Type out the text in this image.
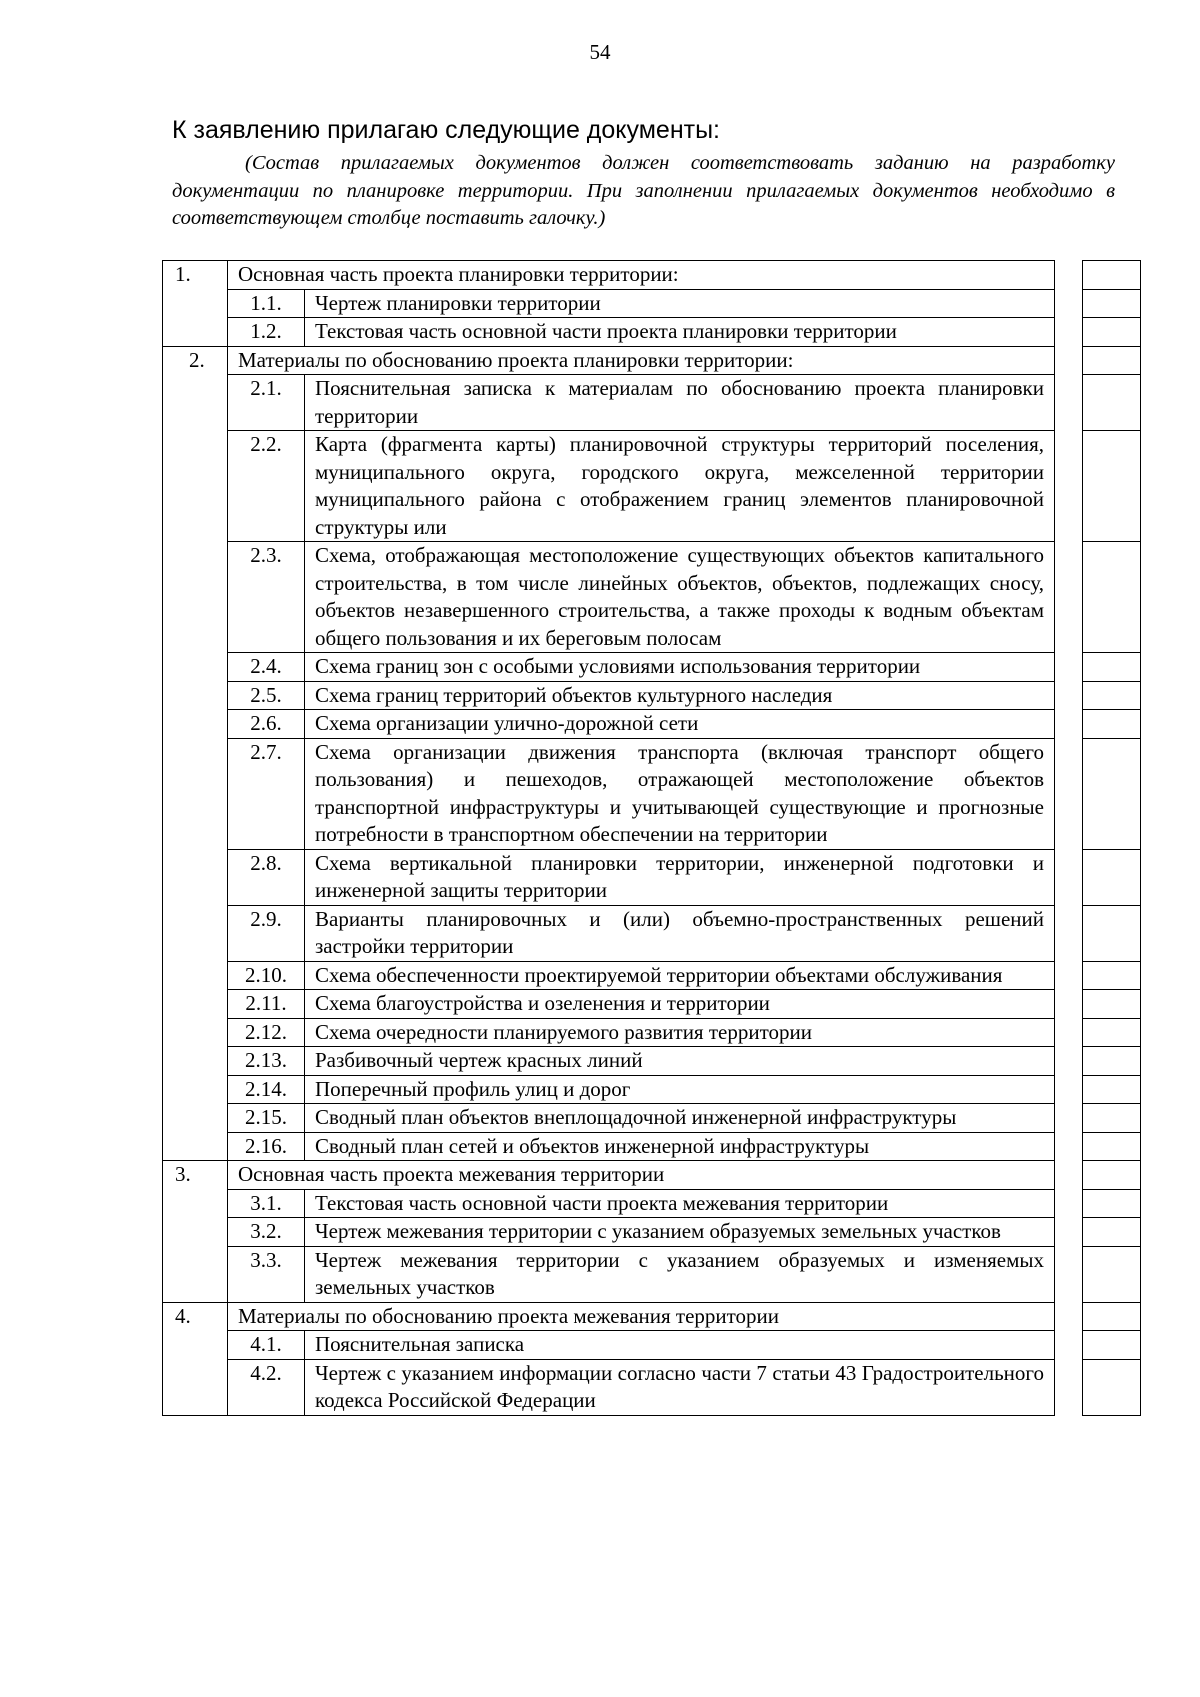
54
К заявлению прилагаю следующие документы:
(Состав прилагаемых документов должен соответствовать заданию на разработку документации по планировке территории. При заполнении прилагаемых документов необходимо в соответствующем столбце поставить галочку.)
1.	Основная часть проекта планировки территории:	
	1.1.	Чертеж планировки территории
	1.2.	Текстовая часть основной части проекта планировки территории
2.	Материалы по обоснованию проекта планировки территории:	
	2.1.	Пояснительная записка к материалам по обоснованию проекта планировки территории
	2.2.	Карта (фрагмента карты) планировочной структуры территорий поселения, муниципального округа, городского округа, межселенной территории муниципального района с отображением границ элементов планировочной структуры или
	2.3.	Схема, отображающая местоположение существующих объектов капитального строительства, в том числе линейных объектов, объектов, подлежащих сносу, объектов незавершенного строительства, а также проходы к водным объектам общего пользования и их береговым полосам
	2.4.	Схема границ зон с особыми условиями использования территории
	2.5.	Схема границ территорий объектов культурного наследия
	2.6.	Схема организации улично-дорожной сети
	2.7.	Схема организации движения транспорта (включая транспорт общего пользования) и пешеходов, отражающей местоположение объектов транспортной инфраструктуры и учитывающей существующие и прогнозные потребности в транспортном обеспечении на территории
	2.8.	Схема вертикальной планировки территории, инженерной подготовки и инженерной защиты территории
	2.9.	Варианты планировочных и (или) объемно-пространственных решений застройки территории
	2.10.	Схема обеспеченности проектируемой территории объектами обслуживания
	2.11.	Схема благоустройства и озеленения и территории
	2.12.	Схема очередности планируемого развития территории
	2.13.	Разбивочный чертеж красных линий
	2.14.	Поперечный профиль улиц и дорог
	2.15.	Сводный план объектов внеплощадочной инженерной инфраструктуры
	2.16.	Сводный план сетей и объектов инженерной инфраструктуры
3.	Основная часть проекта межевания территории	
	3.1.	Текстовая часть основной части проекта межевания территории
	3.2.	Чертеж межевания территории с указанием образуемых земельных участков
	3.3.	Чертеж межевания территории с указанием образуемых и изменяемых земельных участков
4.	Материалы по обоснованию проекта межевания территории	
	4.1.	Пояснительная записка
	4.2.	Чертеж с указанием информации согласно части 7 статьи 43 Градостроительного кодекса Российской Федерации
